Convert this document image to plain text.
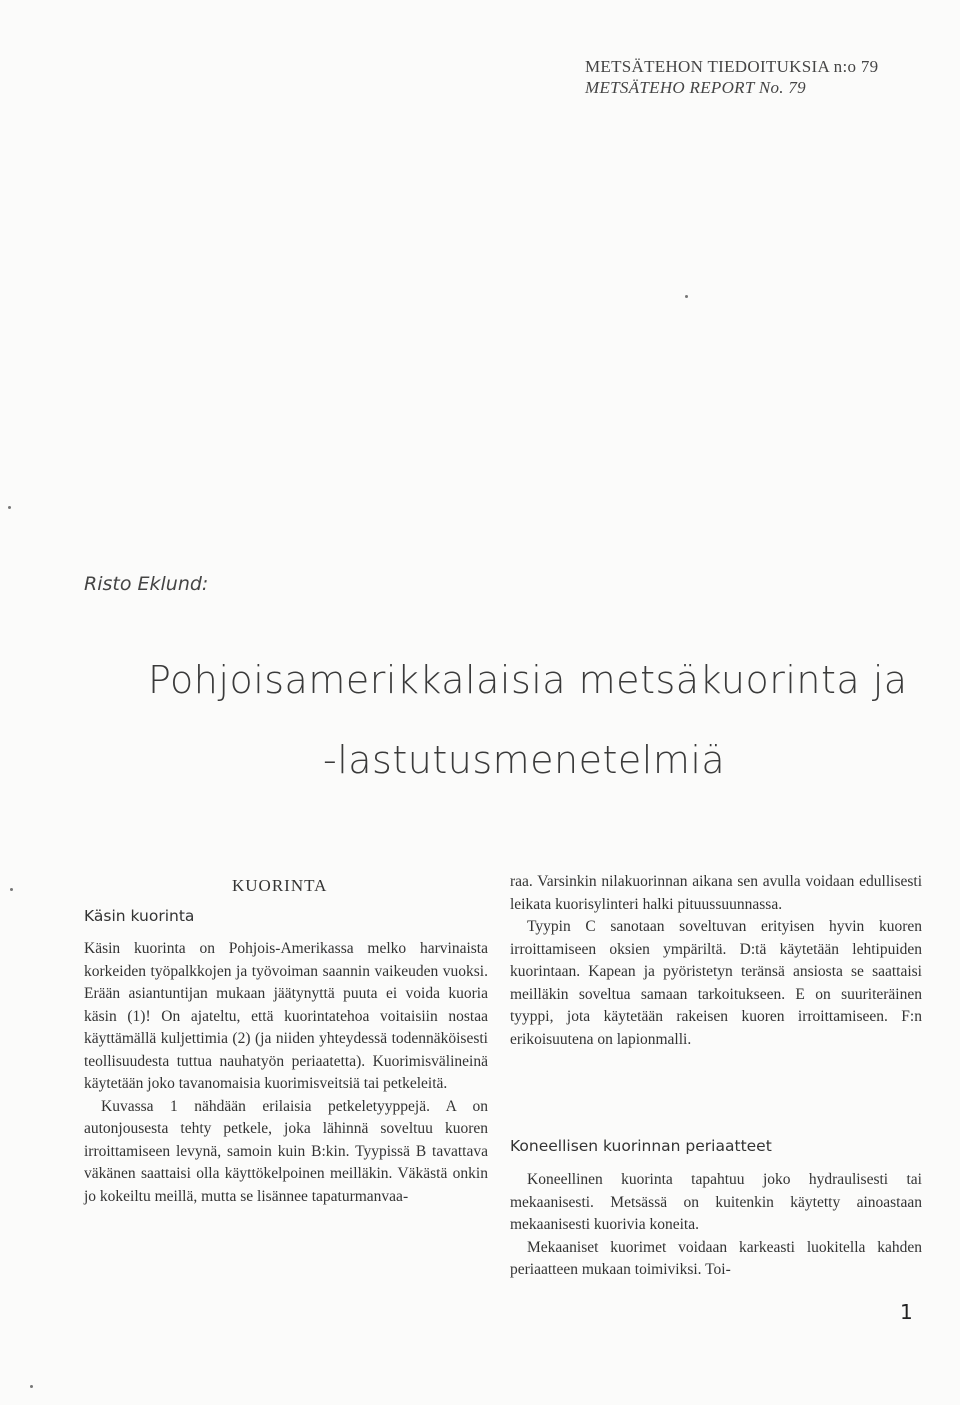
METSÄTEHON TIEDOITUKSIA n:o 79
METSÄTEHO REPORT No. 79
Risto Eklund:
Pohjoisamerikkalaisia metsäkuorinta ja
-lastutusmenetelmiä
KUORINTA
Käsin kuorinta

Käsin kuorinta on Pohjois-Amerikassa melko harvinaista korkeiden työpalkkojen ja työvoiman saannin vaikeuden vuoksi. Erään asiantuntijan mukaan jäätynyttä puuta ei voida kuoria käsin (1)! On ajateltu, että kuorintatehoa voitaisiin nostaa käyttämällä kuljettimia (2) (ja niiden yhteydessä todennäköisesti teollisuudesta tuttua nauhatyön periaatetta). Kuorimisvälineinä käytetään joko tavanomaisia kuorimisveitsiä tai petkeleitä.

Kuvassa 1 nähdään erilaisia petkeletyyppejä. A on autonjousesta tehty petkele, joka lähinnä soveltuu kuoren irroittamiseen levynä, samoin kuin B:kin. Tyypissä B tavattava väkänen saattaisi olla käyttökelpoinen meilläkin. Väkästä onkin jo kokeiltu meillä, mutta se lisännee tapaturmanvaa-

raa. Varsinkin nilakuorinnan aikana sen avulla voidaan edullisesti leikata kuorisylinteri halki pituussuunnassa.

Tyypin C sanotaan soveltuvan erityisen hyvin kuoren irroittamiseen oksien ympäriltä. D:tä käytetään lehtipuiden kuorintaan. Kapean ja pyöristetyn teränsä ansiosta se saattaisi meilläkin soveltua samaan tarkoitukseen. E on suuriteräinen tyyppi, jota käytetään rakeisen kuoren irroittamiseen. F:n erikoisuutena on lapionmalli.

Koneellisen kuorinnan periaatteet

Koneellinen kuorinta tapahtuu joko hydraulisesti tai mekaanisesti. Metsässä on kuitenkin käytetty ainoastaan mekaanisesti kuorivia koneita.

Mekaaniset kuorimet voidaan karkeasti luokitella kahden periaatteen mukaan toimiviksi. Toi-

1
